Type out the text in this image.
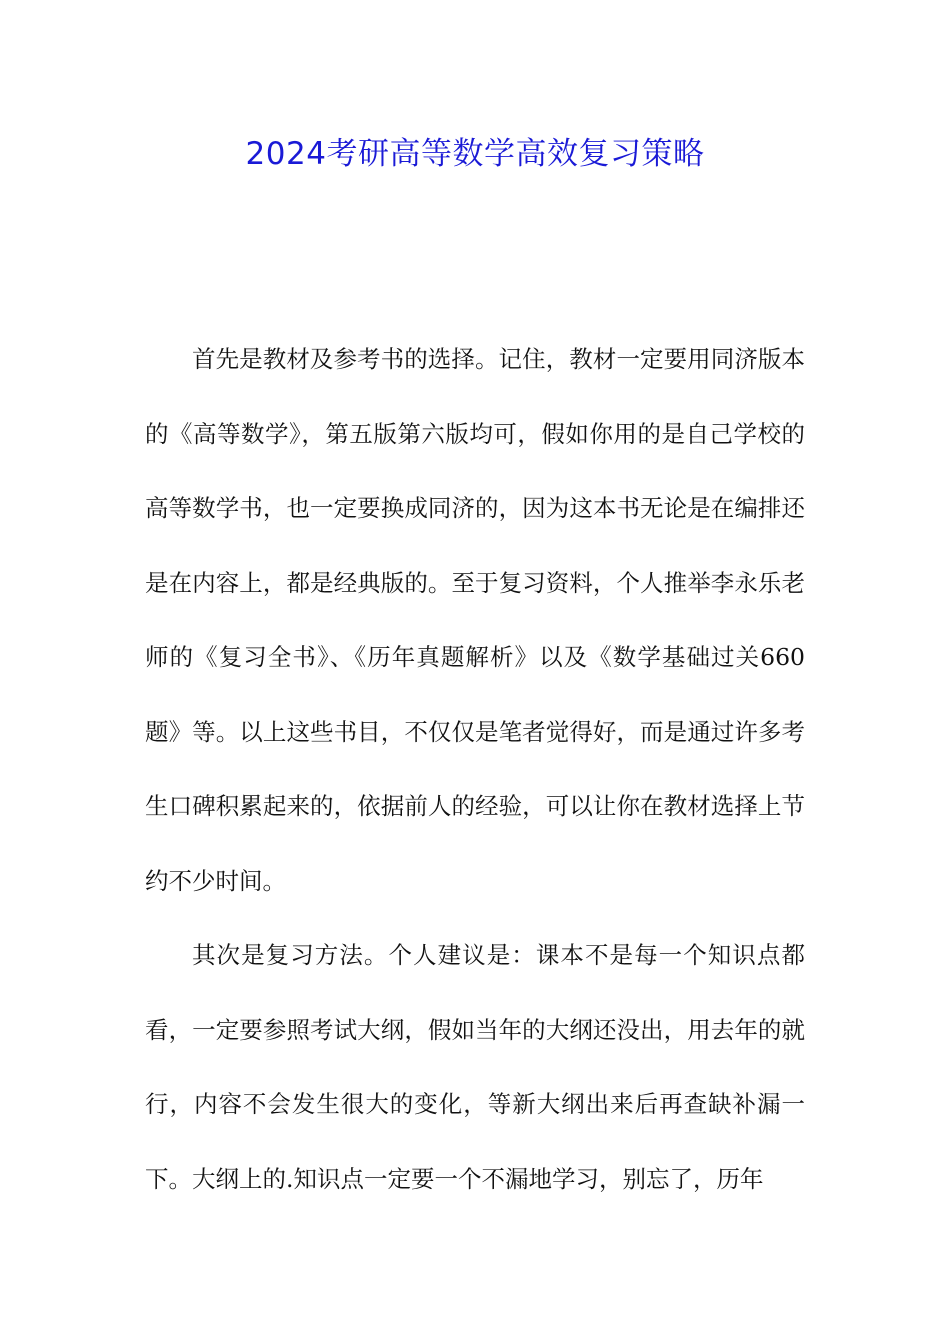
2024考研高等数学高效复习策略

首先是教材及参考书的选择。记住，教材一定要用同济版本的《高等数学》，第五版第六版均可，假如你用的是自己学校的高等数学书，也一定要换成同济的，因为这本书无论是在编排还是在内容上，都是经典版的。至于复习资料，个人推举李永乐老师的《复习全书》、《历年真题解析》以及《数学基础过关660题》等。以上这些书目，不仅仅是笔者觉得好，而是通过许多考生口碑积累起来的，依据前人的经验，可以让你在教材选择上节约不少时间。

其次是复习方法。个人建议是：课本不是每一个知识点都看，一定要参照考试大纲，假如当年的大纲还没出，用去年的就行，内容不会发生很大的变化，等新大纲出来后再查缺补漏一下。大纲上的.知识点一定要一个不漏地学习，别忘了，历年
